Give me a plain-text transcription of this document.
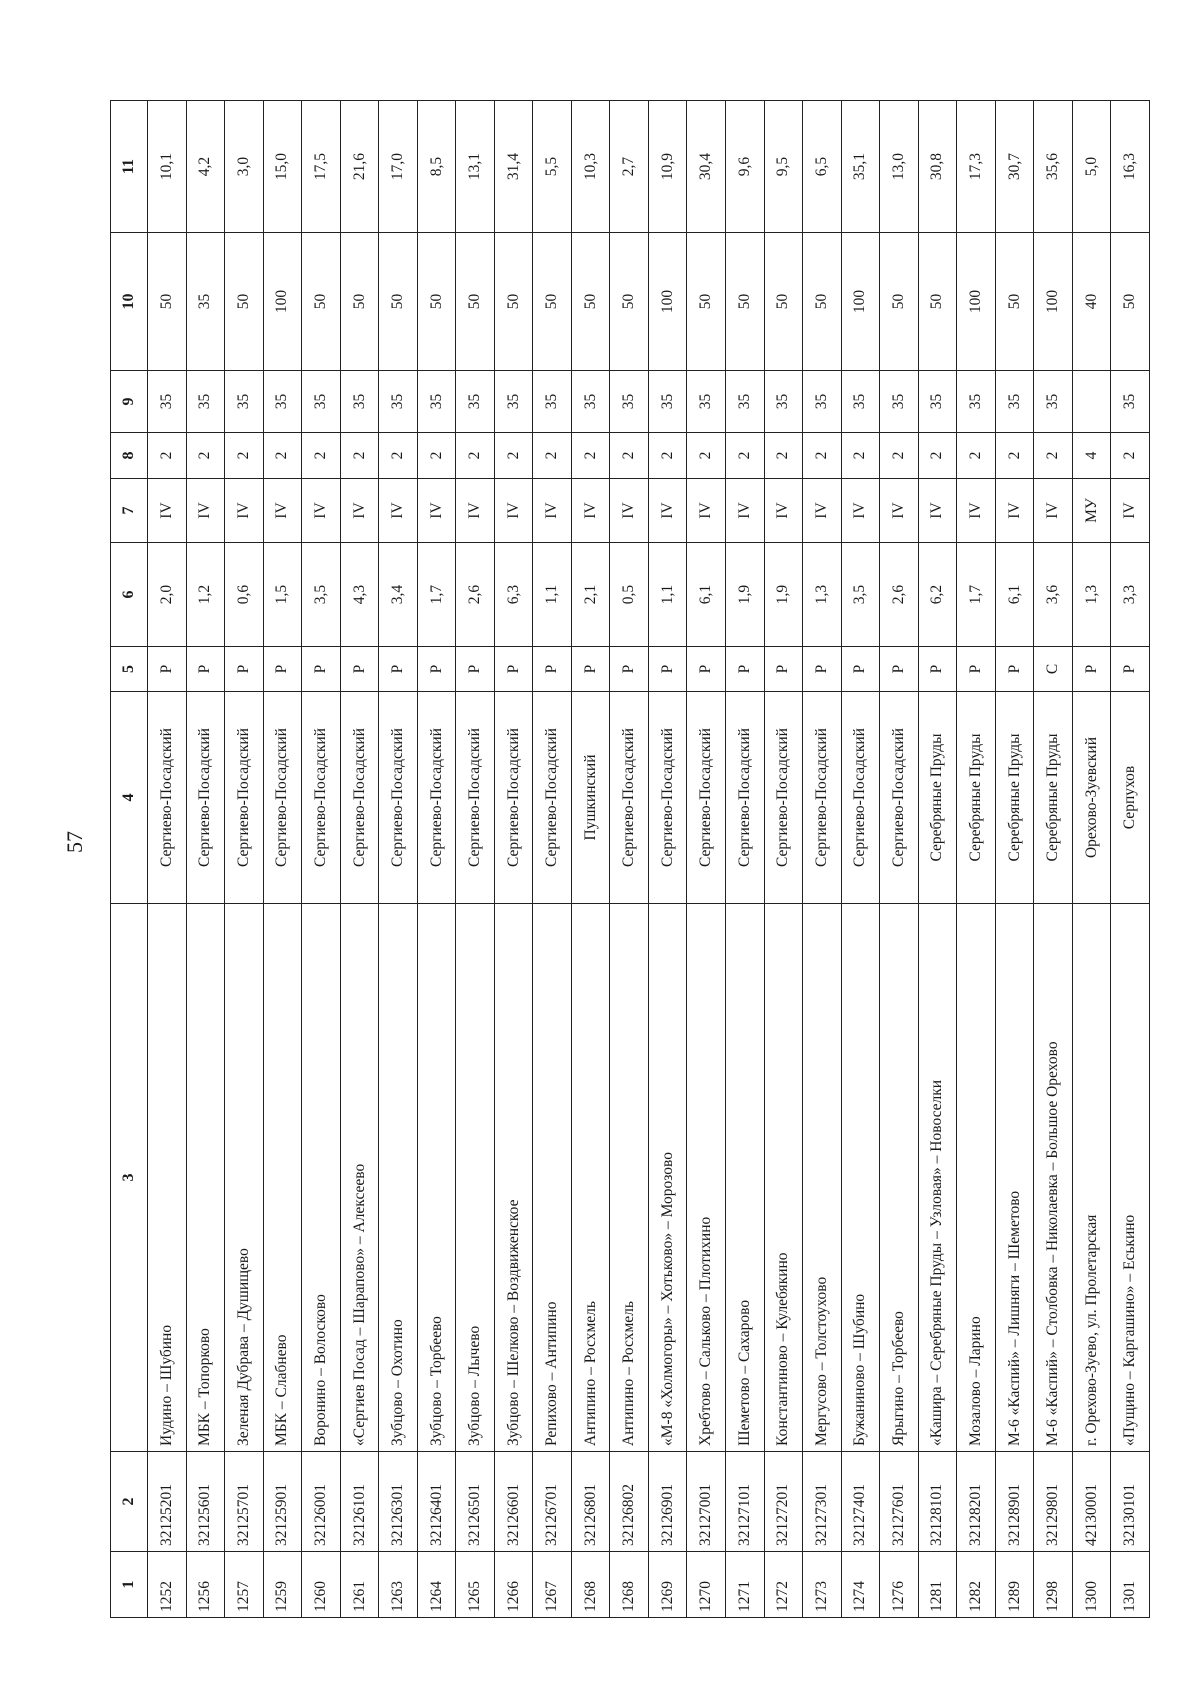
57
1	2	3	4	5	6	7	8	9	10	11
1252	32125201	Иудино – Шубино	Сергиево-Посадский	Р	2,0	IV	2	35	50	10,1
1256	32125601	МБК – Топорково	Сергиево-Посадский	Р	1,2	IV	2	35	35	4,2
1257	32125701	Зеленая Дубрава – Душищево	Сергиево-Посадский	Р	0,6	IV	2	35	50	3,0
1259	32125901	МБК – Слабнево	Сергиево-Посадский	Р	1,5	IV	2	35	100	15,0
1260	32126001	Воронино – Волосково	Сергиево-Посадский	Р	3,5	IV	2	35	50	17,5
1261	32126101	«Сергиев Посад – Шарапово» – Алексеево	Сергиево-Посадский	Р	4,3	IV	2	35	50	21,6
1263	32126301	Зубцово – Охотино	Сергиево-Посадский	Р	3,4	IV	2	35	50	17,0
1264	32126401	Зубцово – Торбеево	Сергиево-Посадский	Р	1,7	IV	2	35	50	8,5
1265	32126501	Зубцово – Лычево	Сергиево-Посадский	Р	2,6	IV	2	35	50	13,1
1266	32126601	Зубцово – Шелково – Воздвиженское	Сергиево-Посадский	Р	6,3	IV	2	35	50	31,4
1267	32126701	Репихово – Антипино	Сергиево-Посадский	Р	1,1	IV	2	35	50	5,5
1268	32126801	Антипино – Росхмель	Пушкинский	Р	2,1	IV	2	35	50	10,3
1268	32126802	Антипино – Росхмель	Сергиево-Посадский	Р	0,5	IV	2	35	50	2,7
1269	32126901	«М-8 «Холмогоры» – Хотьково» – Морозово	Сергиево-Посадский	Р	1,1	IV	2	35	100	10,9
1270	32127001	Хребтово – Сальково – Плотихино	Сергиево-Посадский	Р	6,1	IV	2	35	50	30,4
1271	32127101	Шеметово – Сахарово	Сергиево-Посадский	Р	1,9	IV	2	35	50	9,6
1272	32127201	Константиново – Кулебякино	Сергиево-Посадский	Р	1,9	IV	2	35	50	9,5
1273	32127301	Мергусово – Толстоухово	Сергиево-Посадский	Р	1,3	IV	2	35	50	6,5
1274	32127401	Бужаниново – Шубино	Сергиево-Посадский	Р	3,5	IV	2	35	100	35,1
1276	32127601	Ярыгино – Торбеево	Сергиево-Посадский	Р	2,6	IV	2	35	50	13,0
1281	32128101	«Кашира – Серебряные Пруды – Узловая» – Новоселки	Серебряные Пруды	Р	6,2	IV	2	35	50	30,8
1282	32128201	Мозалово – Ларино	Серебряные Пруды	Р	1,7	IV	2	35	100	17,3
1289	32128901	М-6 «Каспий» – Лишняги – Шеметово	Серебряные Пруды	Р	6,1	IV	2	35	50	30,7
1298	32129801	М-6 «Каспий» – Столбовка – Николаевка – Большое Орехово	Серебряные Пруды	С	3,6	IV	2	35	100	35,6
1300	42130001	г. Орехово-Зуево, ул. Пролетарская	Орехово-Зуевский	Р	1,3	МУ	4		40	5,0
1301	32130101	«Пущино – Каргашино» – Еськино	Серпухов	Р	3,3	IV	2	35	50	16,3
